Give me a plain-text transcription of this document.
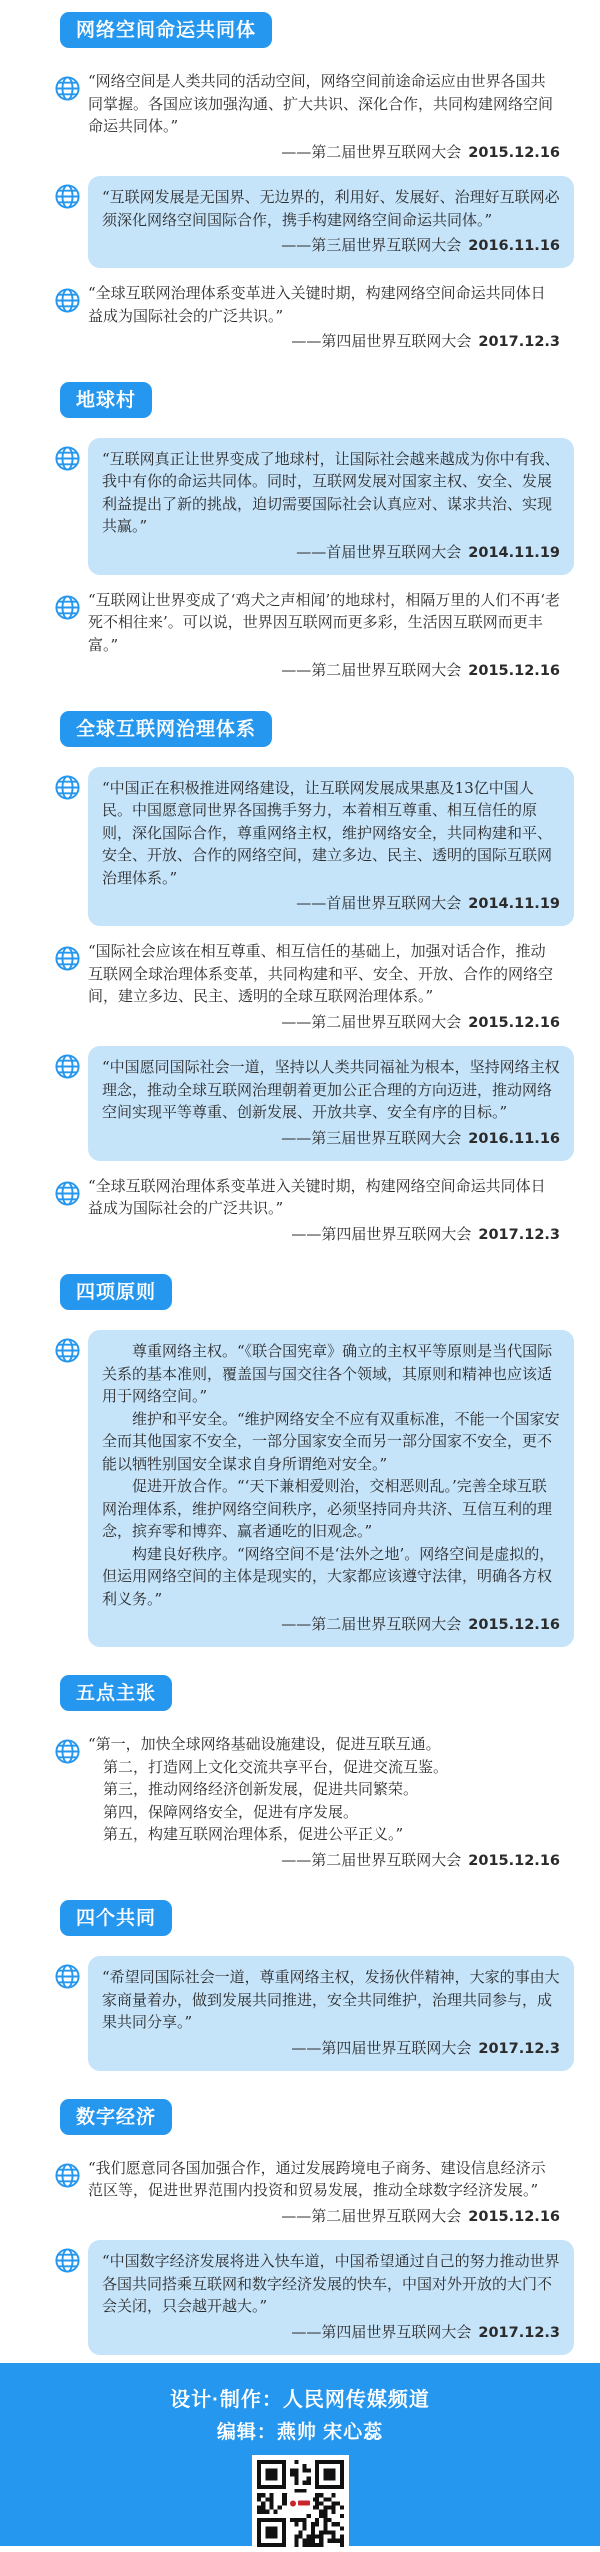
网络空间命运共同体

“网络空间是人类共同的活动空间，网络空间前途命运应由世界各国共同掌握。各国应该加强沟通、扩大共识、深化合作，共同构建网络空间命运共同体。”

——第二届世界互联网大会 2015.12.16

“互联网发展是无国界、无边界的，利用好、发展好、治理好互联网必须深化网络空间国际合作，携手构建网络空间命运共同体。”

——第三届世界互联网大会 2016.11.16

“全球互联网治理体系变革进入关键时期，构建网络空间命运共同体日益成为国际社会的广泛共识。”

——第四届世界互联网大会 2017.12.3
地球村

“互联网真正让世界变成了地球村，让国际社会越来越成为你中有我、我中有你的命运共同体。同时，互联网发展对国家主权、安全、发展利益提出了新的挑战，迫切需要国际社会认真应对、谋求共治、实现共赢。”

——首届世界互联网大会 2014.11.19

“互联网让世界变成了‘鸡犬之声相闻’的地球村，相隔万里的人们不再‘老死不相往来’。可以说，世界因互联网而更多彩，生活因互联网而更丰富。”

——第二届世界互联网大会 2015.12.16
全球互联网治理体系

“中国正在积极推进网络建设，让互联网发展成果惠及13亿中国人民。中国愿意同世界各国携手努力，本着相互尊重、相互信任的原则，深化国际合作，尊重网络主权，维护网络安全，共同构建和平、安全、开放、合作的网络空间，建立多边、民主、透明的国际互联网治理体系。”

——首届世界互联网大会 2014.11.19

“国际社会应该在相互尊重、相互信任的基础上，加强对话合作，推动互联网全球治理体系变革，共同构建和平、安全、开放、合作的网络空间，建立多边、民主、透明的全球互联网治理体系。”

——第二届世界互联网大会 2015.12.16

“中国愿同国际社会一道，坚持以人类共同福祉为根本，坚持网络主权理念，推动全球互联网治理朝着更加公正合理的方向迈进，推动网络空间实现平等尊重、创新发展、开放共享、安全有序的目标。”

——第三届世界互联网大会 2016.11.16

“全球互联网治理体系变革进入关键时期，构建网络空间命运共同体日益成为国际社会的广泛共识。”

——第四届世界互联网大会 2017.12.3
四项原则

尊重网络主权。“《联合国宪章》确立的主权平等原则是当代国际关系的基本准则，覆盖国与国交往各个领域，其原则和精神也应该适用于网络空间。”

维护和平安全。“维护网络安全不应有双重标准，不能一个国家安全而其他国家不安全，一部分国家安全而另一部分国家不安全，更不能以牺牲别国安全谋求自身所谓绝对安全。”

促进开放合作。“‘天下兼相爱则治，交相恶则乱。’完善全球互联网治理体系，维护网络空间秩序，必须坚持同舟共济、互信互利的理念，摈弃零和博弈、赢者通吃的旧观念。”

构建良好秩序。“网络空间不是‘法外之地’。网络空间是虚拟的，但运用网络空间的主体是现实的，大家都应该遵守法律，明确各方权利义务。”

——第二届世界互联网大会 2015.12.16
五点主张

“第一，加快全球网络基础设施建设，促进互联互通。

第二，打造网上文化交流共享平台，促进交流互鉴。

第三，推动网络经济创新发展，促进共同繁荣。

第四，保障网络安全，促进有序发展。

第五，构建互联网治理体系，促进公平正义。”

——第二届世界互联网大会 2015.12.16
四个共同

“希望同国际社会一道，尊重网络主权，发扬伙伴精神，大家的事由大家商量着办，做到发展共同推进，安全共同维护，治理共同参与，成果共同分享。”

——第四届世界互联网大会 2017.12.3
数字经济

“我们愿意同各国加强合作，通过发展跨境电子商务、建设信息经济示范区等，促进世界范围内投资和贸易发展，推动全球数字经济发展。”

——第二届世界互联网大会 2015.12.16

“中国数字经济发展将进入快车道，中国希望通过自己的努力推动世界各国共同搭乘互联网和数字经济发展的快车，中国对外开放的大门不会关闭，只会越开越大。”

——第四届世界互联网大会 2017.12.3
设计·制作：人民网传媒频道
编辑：燕帅 宋心蕊
